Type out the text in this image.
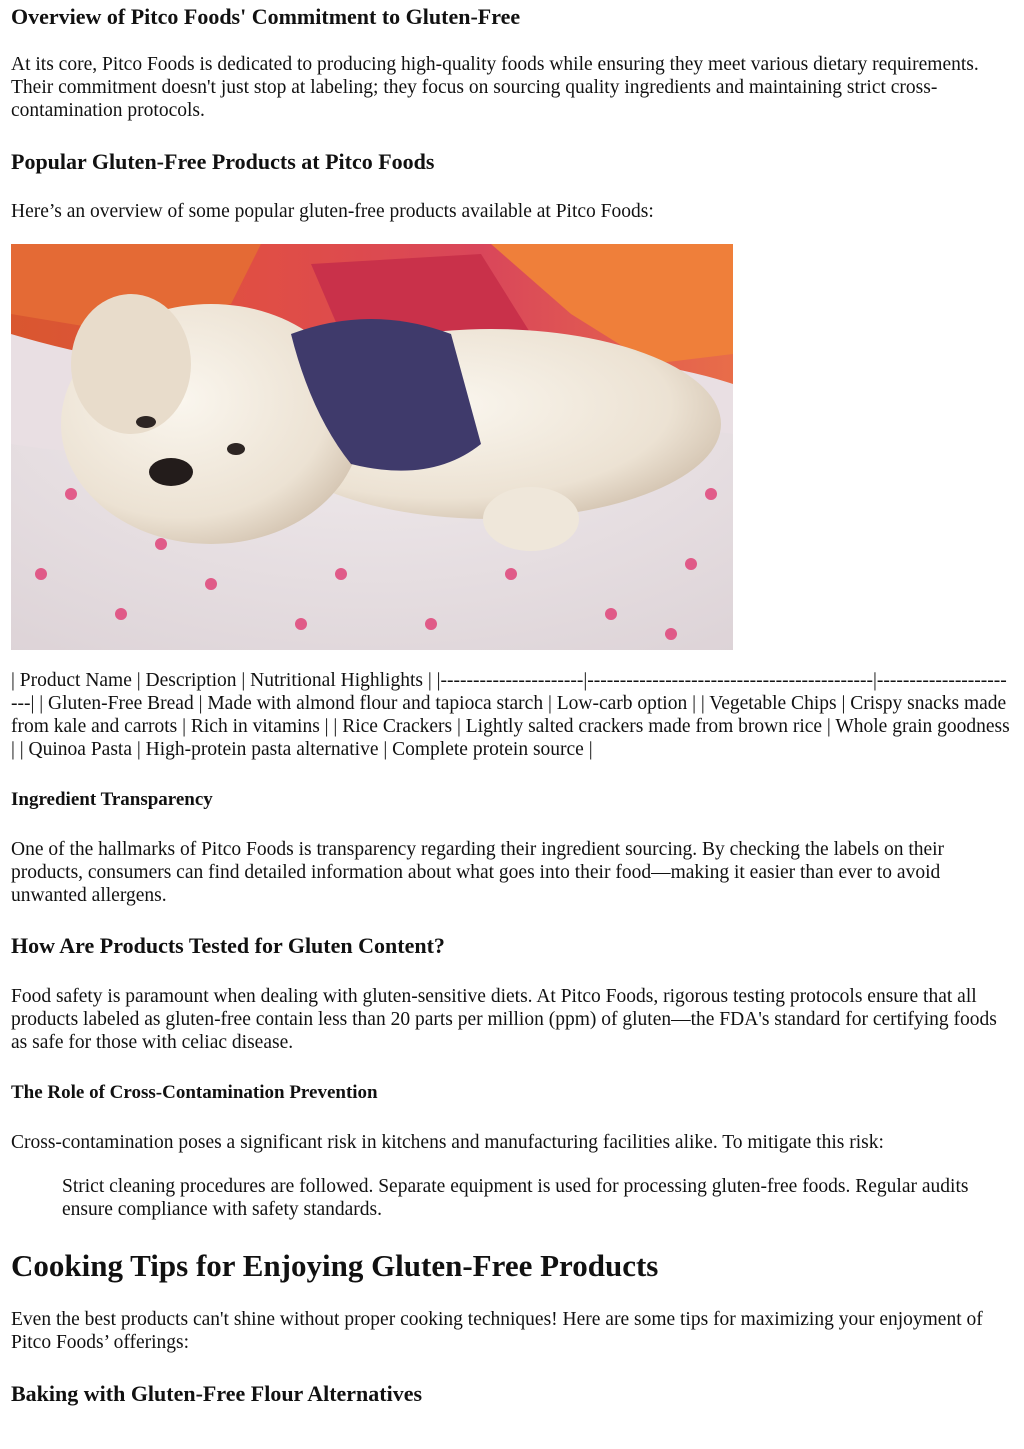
Overview of Pitco Foods' Commitment to Gluten-Free

At its core, Pitco Foods is dedicated to producing high-quality foods while ensuring they meet various dietary requirements. Their commitment doesn't just stop at labeling; they focus on sourcing quality ingredients and maintaining strict cross-contamination protocols.

Popular Gluten-Free Products at Pitco Foods

Here’s an overview of some popular gluten-free products available at Pitco Foods:

| Product Name | Description | Nutritional Highlights | |----------------------|--------------------------------------------|-----------------------| | Gluten-Free Bread | Made with almond flour and tapioca starch | Low-carb option | | Vegetable Chips | Crispy snacks made from kale and carrots | Rich in vitamins | | Rice Crackers | Lightly salted crackers made from brown rice | Whole grain goodness | | Quinoa Pasta | High-protein pasta alternative | Complete protein source |

Ingredient Transparency

One of the hallmarks of Pitco Foods is transparency regarding their ingredient sourcing. By checking the labels on their products, consumers can find detailed information about what goes into their food—making it easier than ever to avoid unwanted allergens.

How Are Products Tested for Gluten Content?

Food safety is paramount when dealing with gluten-sensitive diets. At Pitco Foods, rigorous testing protocols ensure that all products labeled as gluten-free contain less than 20 parts per million (ppm) of gluten—the FDA's standard for certifying foods as safe for those with celiac disease.

The Role of Cross-Contamination Prevention

Cross-contamination poses a significant risk in kitchens and manufacturing facilities alike. To mitigate this risk:

Strict cleaning procedures are followed. Separate equipment is used for processing gluten-free foods. Regular audits ensure compliance with safety standards.
Cooking Tips for Enjoying Gluten-Free Products

Even the best products can't shine without proper cooking techniques! Here are some tips for maximizing your enjoyment of Pitco Foods’ offerings:

Baking with Gluten-Free Flour Alternatives
